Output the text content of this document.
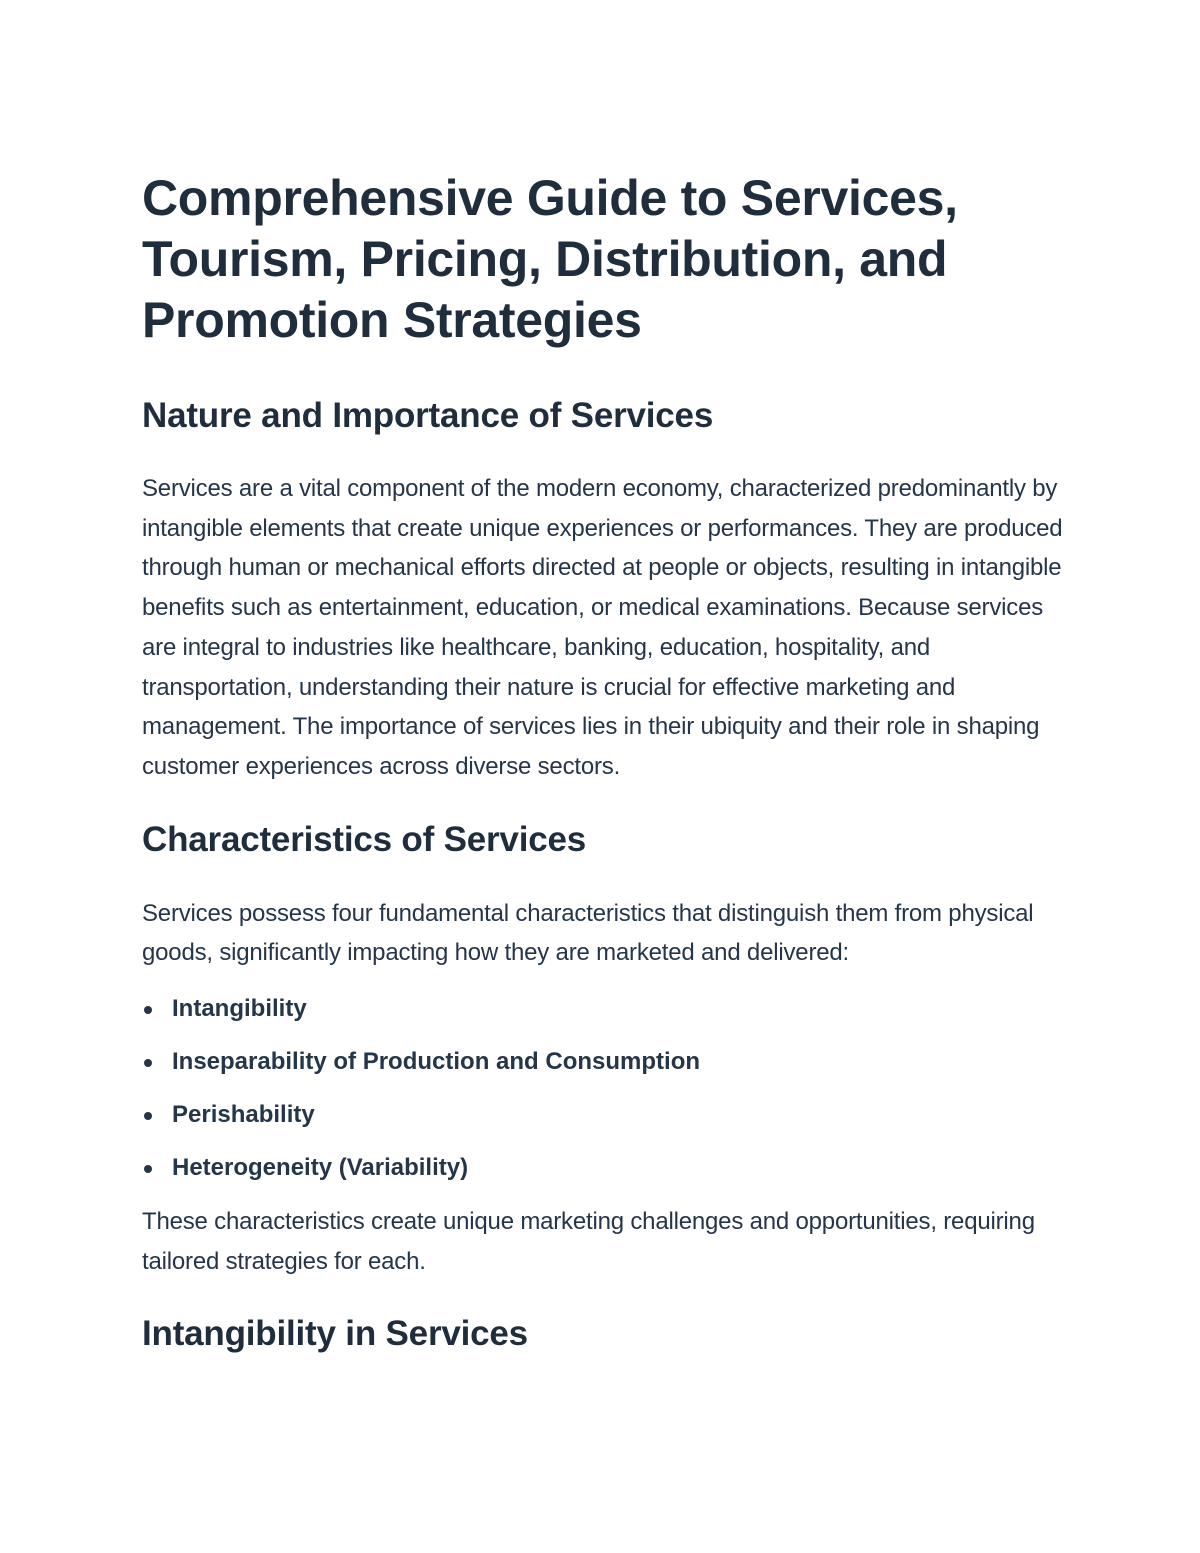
Comprehensive Guide to Services, Tourism, Pricing, Distribution, and Promotion Strategies
Nature and Importance of Services

Services are a vital component of the modern economy, characterized predominantly by intangible elements that create unique experiences or performances. They are produced through human or mechanical efforts directed at people or objects, resulting in intangible benefits such as entertainment, education, or medical examinations. Because services are integral to industries like healthcare, banking, education, hospitality, and transportation, understanding their nature is crucial for effective marketing and management. The importance of services lies in their ubiquity and their role in shaping customer experiences across diverse sectors.

Characteristics of Services

Services possess four fundamental characteristics that distinguish them from physical goods, significantly impacting how they are marketed and delivered:

Intangibility
Inseparability of Production and Consumption
Perishability
Heterogeneity (Variability)

These characteristics create unique marketing challenges and opportunities, requiring tailored strategies for each.

Intangibility in Services
